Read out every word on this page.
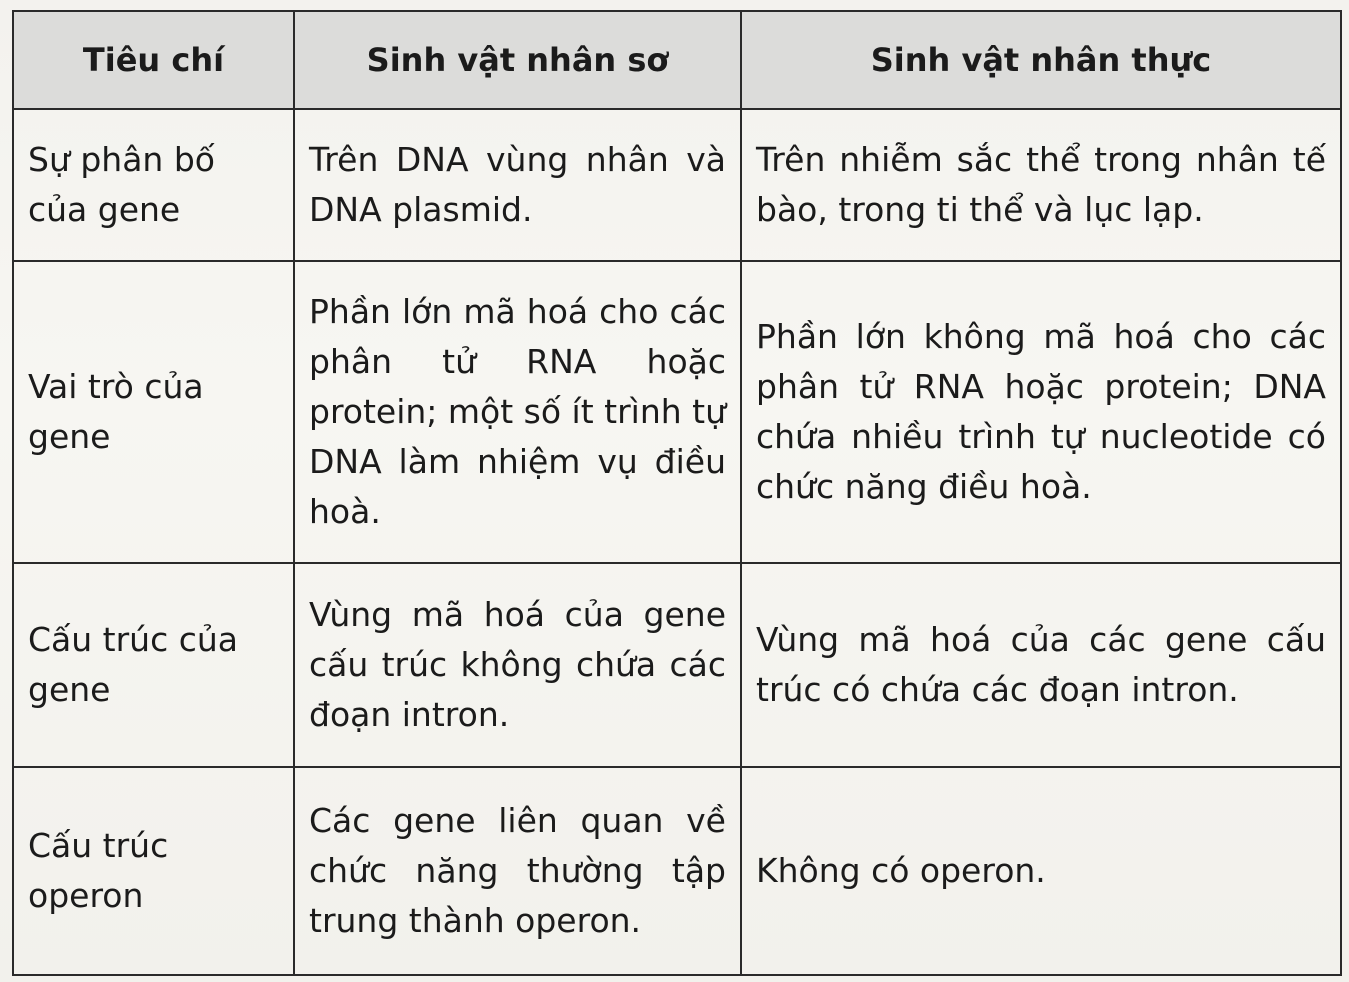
Tiêu chí	Sinh vật nhân sơ	Sinh vật nhân thực
Sự phân bố của gene	Trên DNA vùng nhân và DNA plasmid.	Trên nhiễm sắc thể trong nhân tế bào, trong ti thể và lục lạp.
Vai trò của gene	Phần lớn mã hoá cho các phân tử RNA hoặc protein; một số ít trình tự DNA làm nhiệm vụ điều hoà.	Phần lớn không mã hoá cho các phân tử RNA hoặc protein; DNA chứa nhiều trình tự nucleotide có chức năng điều hoà.
Cấu trúc của gene	Vùng mã hoá của gene cấu trúc không chứa các đoạn intron.	Vùng mã hoá của các gene cấu trúc có chứa các đoạn intron.
Cấu trúc operon	Các gene liên quan về chức năng thường tập trung thành operon.	Không có operon.
